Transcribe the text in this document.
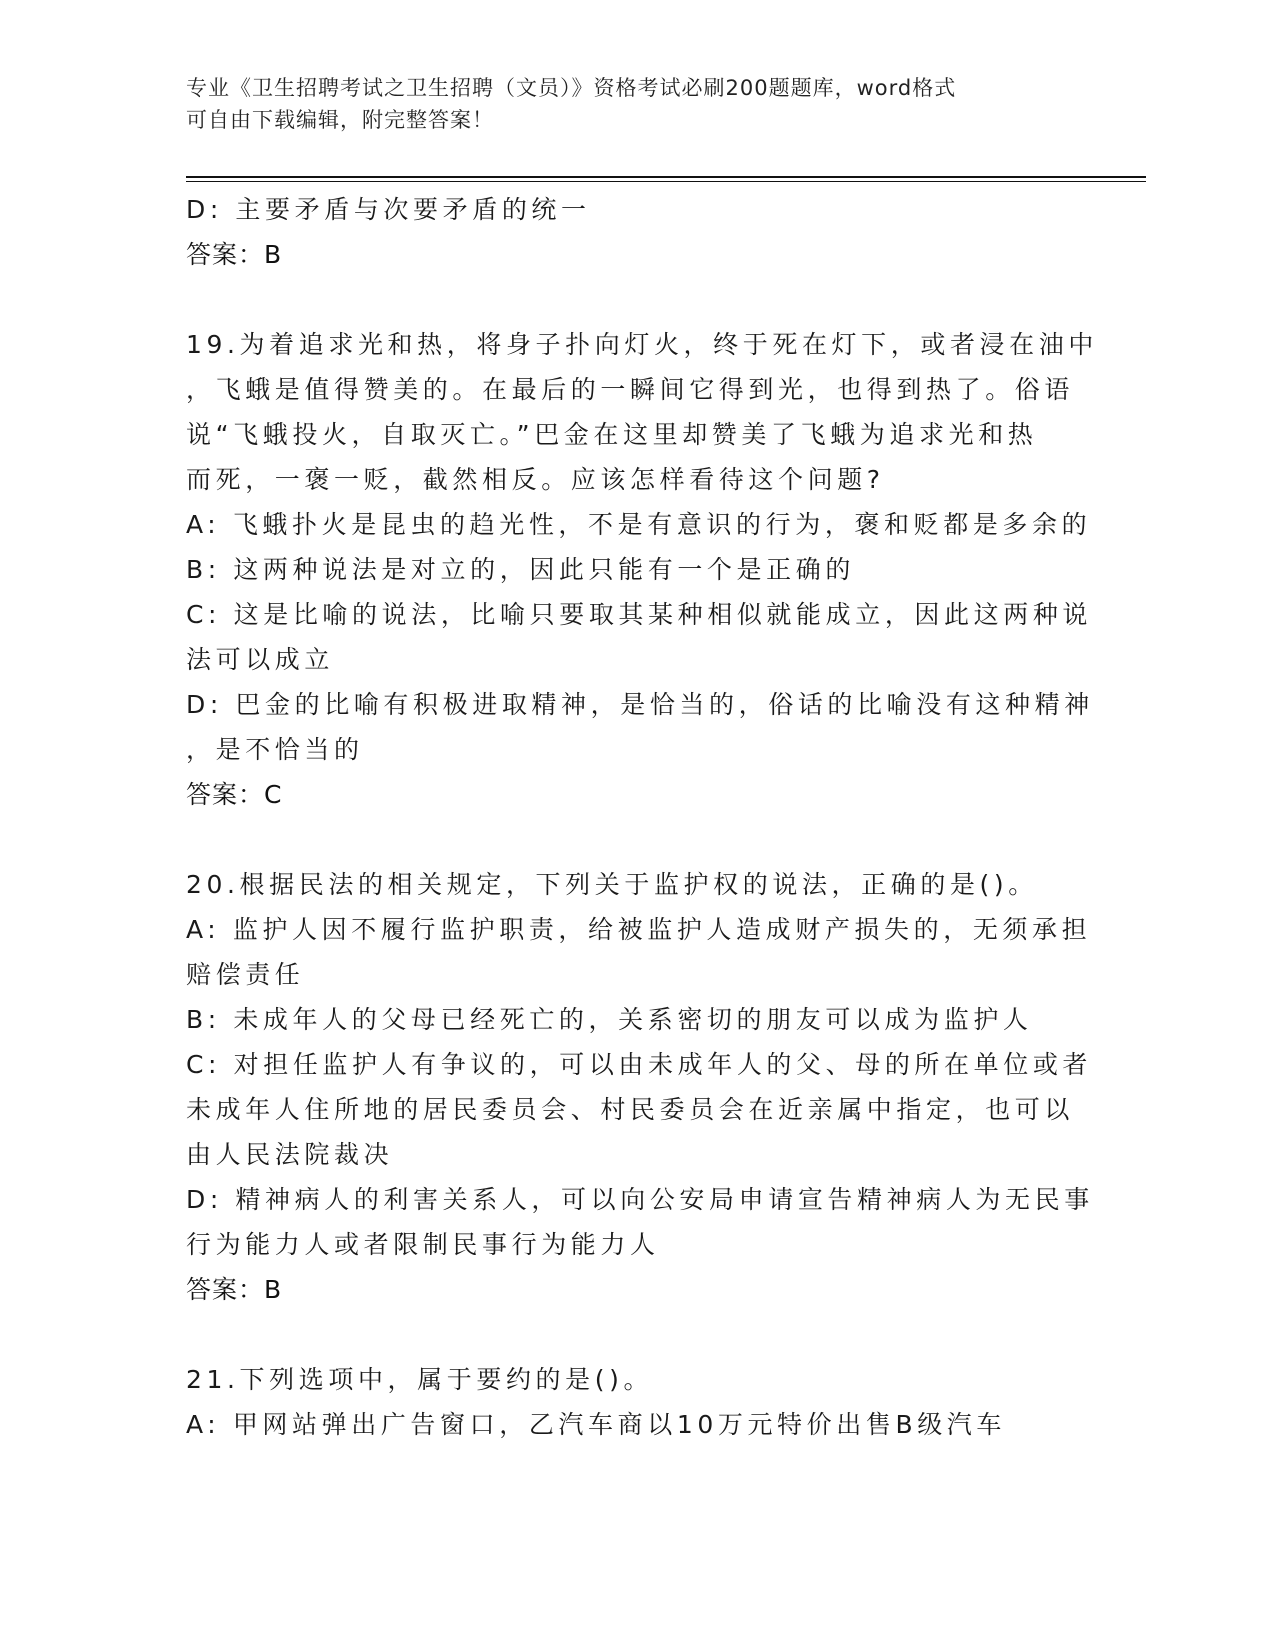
专业《卫生招聘考试之卫生招聘（文员）》资格考试必刷200题题库，word格式
可自由下载编辑，附完整答案！
D: 主要矛盾与次要矛盾的统一
答案：B
19.为着追求光和热，将身子扑向灯火，终于死在灯下，或者浸在油中
，飞蛾是值得赞美的。在最后的一瞬间它得到光，也得到热了。俗语
说“飞蛾投火，自取灭亡。”巴金在这里却赞美了飞蛾为追求光和热
而死，一褒一贬，截然相反。应该怎样看待这个问题?
A: 飞蛾扑火是昆虫的趋光性，不是有意识的行为，褒和贬都是多余的
B: 这两种说法是对立的，因此只能有一个是正确的
C: 这是比喻的说法，比喻只要取其某种相似就能成立，因此这两种说
法可以成立
D: 巴金的比喻有积极进取精神，是恰当的，俗话的比喻没有这种精神
，是不恰当的
答案：C
20.根据民法的相关规定，下列关于监护权的说法，正确的是()。
A: 监护人因不履行监护职责，给被监护人造成财产损失的，无须承担
赔偿责任
B: 未成年人的父母已经死亡的，关系密切的朋友可以成为监护人
C: 对担任监护人有争议的，可以由未成年人的父、母的所在单位或者
未成年人住所地的居民委员会、村民委员会在近亲属中指定，也可以
由人民法院裁决
D: 精神病人的利害关系人，可以向公安局申请宣告精神病人为无民事
行为能力人或者限制民事行为能力人
答案：B
21.下列选项中，属于要约的是()。
A: 甲网站弹出广告窗口，乙汽车商以10万元特价出售B级汽车
